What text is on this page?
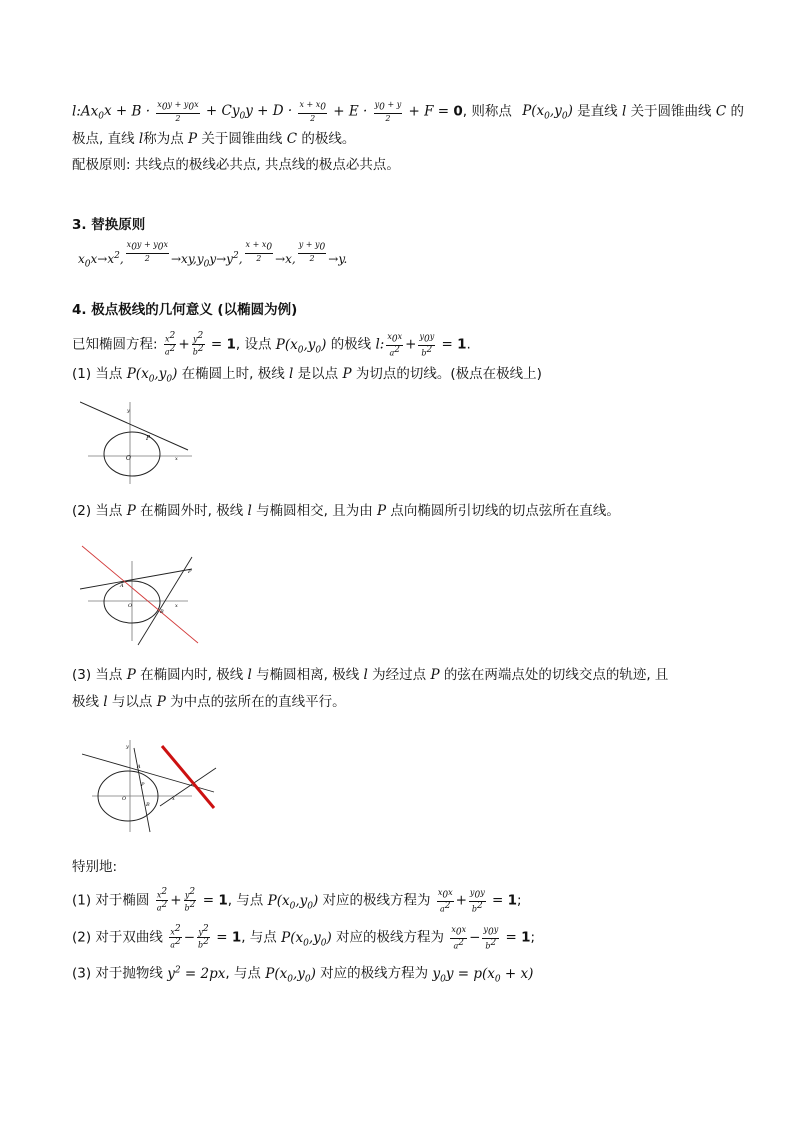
$l:Ax_0x + B \cdot \frac{x_0y + y_0x}{2} + Cy_0y + D \cdot \frac{x + x_0}{2} + E \cdot \frac{y_0 + y}{2} + F = 0$, 则称点 $P(x_0,y_0)$ 是直线 l 关于圆锥曲线 C 的
极点, 直线 l称为点 P 关于圆锥曲线 C 的极线。
配极原则: 共线点的极线必共点, 共点线的极点必共点。
3. 替换原则
$x_0x\to x^2$, $\frac{x_0y + y_0x}{2} \to xy,y_0y\to y^2$, $\frac{x + x_0}{2} \to x$, $\frac{y + y_0}{2} \to y$.
4. 极点极线的几何意义 (以椭圆为例)
已知椭圆方程: $\frac{x^2}{a^2} + \frac{y^2}{b^2} = 1$, 设点 $P(x_0,y_0)$ 的极线 l: $\frac{x_0x}{a^2} + \frac{y_0y}{b^2} = 1$.
(1) 当点 $P(x_0,y_0)$ 在椭圆上时, 极线 l 是以点 P 为切点的切线。(极点在极线上)
P
O	x
y
(2) 当点 P 在椭圆外时, 极线 l 与椭圆相交, 且为由 P 点向椭圆所引切线的切点弦所在直线。
P
A
B
O	x
(3) 当点 P 在椭圆内时, 极线 l 与椭圆相离, 极线 l 为经过点 P 的弦在两端点处的切线交点的轨迹, 且
极线 l 与以点 P 为中点的弦所在的直线平行。
P
A
B
O	x
y
特别地:
(1) 对于椭圆 $\frac{x^2}{a^2} + \frac{y^2}{b^2} = 1$, 与点 $P(x_0,y_0)$ 对应的极线方程为 $\frac{x_0x}{a^2} + \frac{y_0y}{b^2} = 1$;
(2) 对于双曲线 $\frac{x^2}{a^2} - \frac{y^2}{b^2} = 1$, 与点 $P(x_0,y_0)$ 对应的极线方程为 $\frac{x_0x}{a^2} - \frac{y_0y}{b^2} = 1$;
(3) 对于抛物线 $y^2 = 2px$, 与点 $P(x_0,y_0)$ 对应的极线方程为 $y_0y = p(x_0 + x)$
